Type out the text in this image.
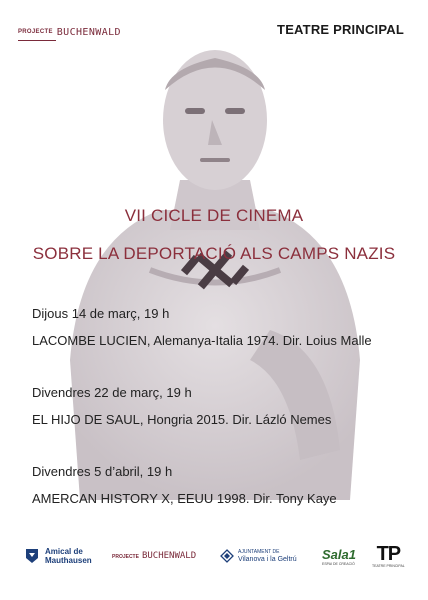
PROJECTE BUCHENWALD	TEATRE PRINCIPAL
VII CICLE DE CINEMA
SOBRE LA DEPORTACIÓ ALS CAMPS NAZIS
Dijous 14 de març, 19 h
LACOMBE LUCIEN, Alemanya-Italia 1974. Dir. Loius Malle
Divendres 22 de març, 19 h
EL HIJO DE SAUL, Hongria 2015. Dir. Lázló Nemes
Divendres 5 d’abril, 19 h
AMERCAN HISTORY X, EEUU 1998. Dir. Tony Kaye
Amical de
Mauthausen	PROJECTE BUCHENWALD	AJUNTAMENT DE
Vilanova i la Geltrú Sala1
ESPAI DE CREACIÓ TP
TEATRE PRINCIPAL
